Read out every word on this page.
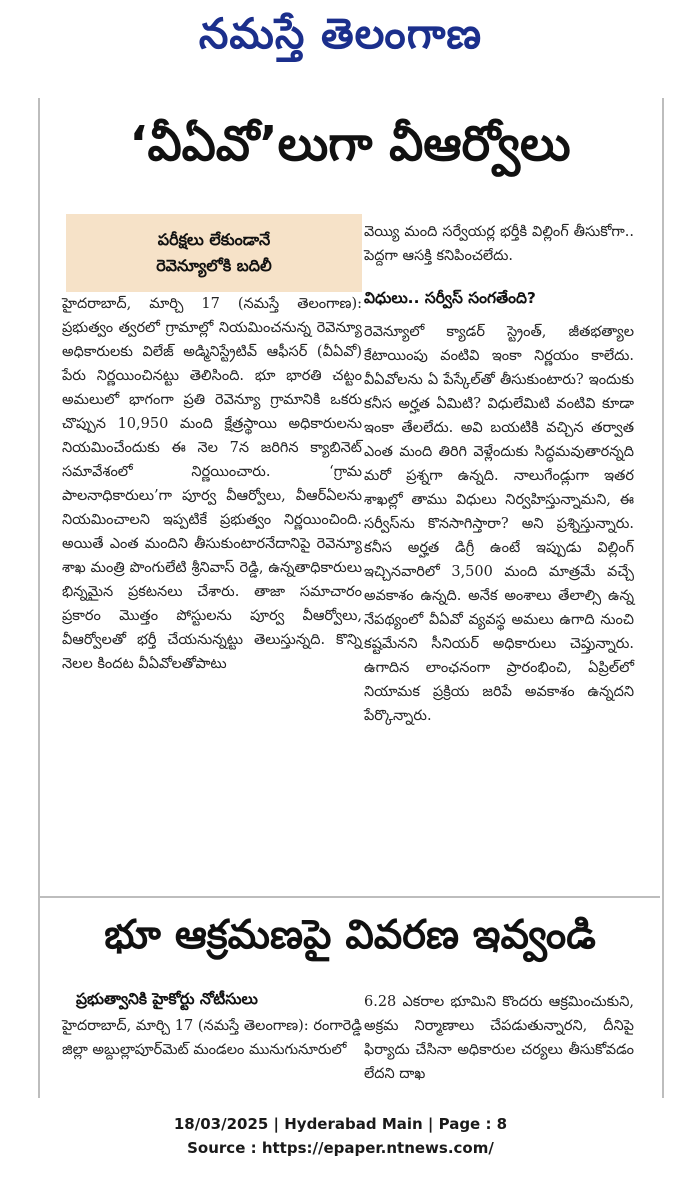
నమస్తే తెలంగాణ
‘వీఏవో’లుగా వీఆర్వోలు
పరీక్షలు లేకుండానే
రెవెన్యూలోకి బదిలీ

హైదరాబాద్, మార్చి 17 (నమస్తే తెలంగాణ): ప్రభుత్వం త్వరలో గ్రామాల్లో నియమించనున్న రెవెన్యూ అధికారులకు విలేజ్ అడ్మినిస్ట్రేటివ్ ఆఫీసర్ (వీఏవో) పేరు నిర్ణయించినట్టు తెలిసింది. భూ భారతి చట్టం అమలులో భాగంగా ప్రతి రెవెన్యూ గ్రామానికి ఒకరు చొప్పున 10,950 మంది క్షేత్రస్థాయి అధికారులను నియమించేందుకు ఈ నెల 7న జరిగిన క్యాబినెట్ సమావేశంలో నిర్ణయించారు. ‘గ్రామ పాలనాధికారులు’గా పూర్వ వీఆర్వోలు, వీఆర్ఏలను నియమించాలని ఇప్పటికే ప్రభుత్వం నిర్ణయించింది. అయితే ఎంత మందిని తీసుకుంటారనేదానిపై రెవెన్యూ శాఖ మంత్రి పొంగులేటి శ్రీనివాస్ రెడ్డి, ఉన్నతాధికారులు భిన్నమైన ప్రకటనలు చేశారు. తాజా సమాచారం ప్రకారం మొత్తం పోస్టులను పూర్వ వీఆర్వోలు, వీఆర్వోలతో భర్తీ చేయనున్నట్టు తెలుస్తున్నది. కొన్ని నెలల కిందట వీఏవోలతోపాటు

వెయ్యి మంది సర్వేయర్ల భర్తీకి విల్లింగ్ తీసుకోగా.. పెద్దగా ఆసక్తి కనిపించలేదు.

విధులు.. సర్వీస్ సంగతేంది?

రెవెన్యూలో క్యాడర్ స్ట్రెంత్, జీతభత్యాల కేటాయింపు వంటివి ఇంకా నిర్ణయం కాలేదు. వీఏవోలను ఏ పేస్కేల్‌తో తీసుకుంటారు? ఇందుకు కనీస అర్హత ఏమిటి? విధులేమిటి వంటివి కూడా ఇంకా తేలలేదు. అవి బయటికి వచ్చిన తర్వాత ఎంత మంది తిరిగి వెళ్లేందుకు సిద్ధమవుతారన్నది మరో ప్రశ్నగా ఉన్నది. నాలుగేండ్లుగా ఇతర శాఖల్లో తాము విధులు నిర్వహిస్తున్నామని, ఈ సర్వీస్‌ను కొనసాగిస్తారా? అని ప్రశ్నిస్తున్నారు. కనీస అర్హత డిగ్రీ ఉంటే ఇప్పుడు విల్లింగ్ ఇచ్చినవారిలో 3,500 మంది మాత్రమే వచ్చే అవకాశం ఉన్నది. అనేక అంశాలు తేలాల్సి ఉన్న నేపథ్యంలో వీఏవో వ్యవస్థ అమలు ఉగాది నుంచి కష్టమేనని సీనియర్ అధికారులు చెప్తున్నారు. ఉగాదిన లాంఛనంగా ప్రారంభించి, ఏప్రిల్‌లో నియామక ప్రక్రియ జరిపే అవకాశం ఉన్నదని పేర్కొన్నారు.

భూ ఆక్రమణపై వివరణ ఇవ్వండి
ప్రభుత్వానికి హైకోర్టు నోటీసులు

హైదరాబాద్, మార్చి 17 (నమస్తే తెలంగాణ): రంగారెడ్డి జిల్లా అబ్దుల్లాపూర్‌మెట్ మండలం మునుగునూరులో

6.28 ఎకరాల భూమిని కొందరు ఆక్రమించుకుని, అక్రమ నిర్మాణాలు చేపడుతున్నారని, దీనిపై ఫిర్యాదు చేసినా అధికారుల చర్యలు తీసుకోవడం లేదని దాఖ

18/03/2025 | Hyderabad Main | Page : 8
Source : https://epaper.ntnews.com/
